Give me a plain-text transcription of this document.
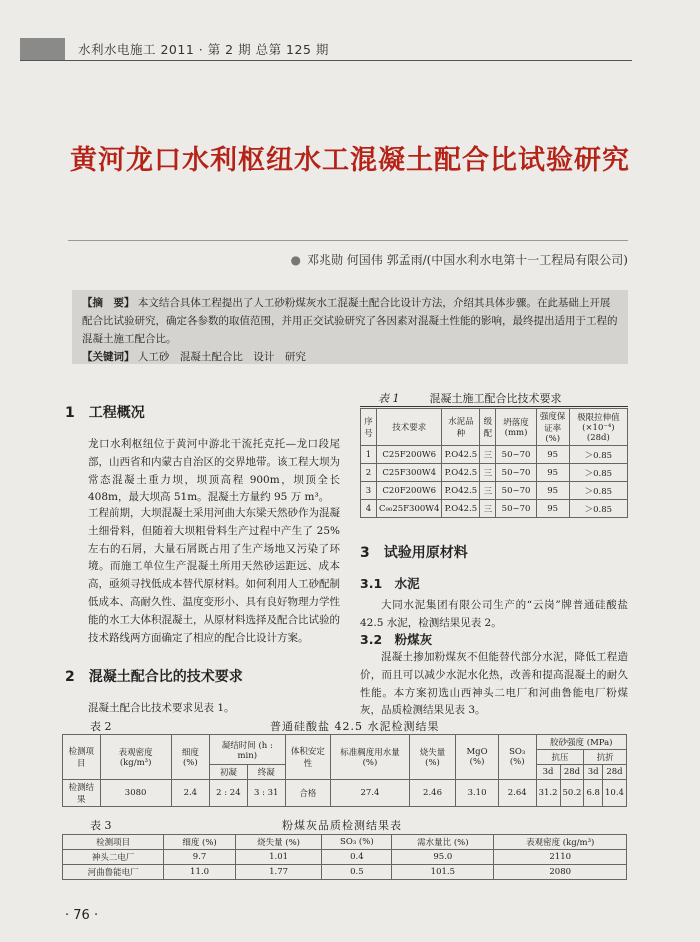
水利水电施工 2011 · 第 2 期 总第 125 期
黄河龙口水利枢纽水工混凝土配合比试验研究
● 邓兆勋 何国伟 郭孟雨/(中国水利水电第十一工程局有限公司)
【摘　要】 本文结合具体工程提出了人工砂粉煤灰水工混凝土配合比设计方法，介绍其具体步骤。在此基础上开展配合比试验研究，确定各参数的取值范围，并用正交试验研究了各因素对混凝土性能的影响，最终提出适用于工程的混凝土施工配合比。
【关键词】 人工砂　混凝土配合比　设计　研究
1　工程概况
龙口水利枢纽位于黄河中游北干流托克托—龙口段尾部，山西省和内蒙古自治区的交界地带。该工程大坝为常态混凝土重力坝，坝顶高程 900m，坝顶全长 408m，最大坝高 51m。混凝土方量约 95 万 m³。
工程前期，大坝混凝土采用河曲大东梁天然砂作为混凝土细骨料，但随着大坝粗骨料生产过程中产生了 25%左右的石屑，大量石屑既占用了生产场地又污染了环境。而施工单位生产混凝土所用天然砂运距远、成本高，亟须寻找低成本替代原材料。如何利用人工砂配制低成本、高耐久性、温度变形小、具有良好物理力学性能的水工大体积混凝土，从原材料选择及配合比试验的技术路线两方面确定了相应的配合比设计方案。
2　混凝土配合比的技术要求
混凝土配合比技术要求见表 1。
表 1	混凝土施工配合比技术要求
序号	技术要求	水泥品种	级配	坍落度 (mm)	强度保证率 (%)	极限拉伸值 (×10⁻⁴) (28d)
1	C25F200W6	P.O42.5	三	50~70	95	＞0.85
2	C25F300W4	P.O42.5	三	50~70	95	＞0.85
3	C20F200W6	P.O42.5	三	50~70	95	＞0.85
4	C₉₀25F300W4	P.O42.5	三	50~70	95	＞0.85
3　试验用原材料
3.1　水泥
大同水泥集团有限公司生产的“云岗”牌普通硅酸盐 42.5 水泥，检测结果见表 2。
3.2　粉煤灰
混凝土掺加粉煤灰不但能替代部分水泥，降低工程造价，而且可以减少水泥水化热，改善和提高混凝土的耐久性能。本方案初选山西神头二电厂和河曲鲁能电厂粉煤灰，品质检测结果见表 3。
表 2	普通硅酸盐 42.5 水泥检测结果
检测项目	表观密度 (kg/m³)	细度 (%)	凝结时间 (h : min)		体积安定性	标准稠度用水量 (%)	烧失量 (%)	MgO (%)	SO₃ (%)	胶砂强度 (MPa)			
										抗压		抗折	
			初凝	终凝						3d	28d	3d	28d
检测结果	3080	2.4	2 : 24	3 : 31	合格	27.4	2.46	3.10	2.64	31.2	50.2	6.8	10.4
表 3	粉煤灰品质检测结果表
检测项目	细度 (%)	烧失量 (%)	SO₃ (%)	需水量比 (%)	表观密度 (kg/m³)
神头二电厂	9.7	1.01	0.4	95.0	2110
河曲鲁能电厂	11.0	1.77	0.5	101.5	2080
· 76 ·
